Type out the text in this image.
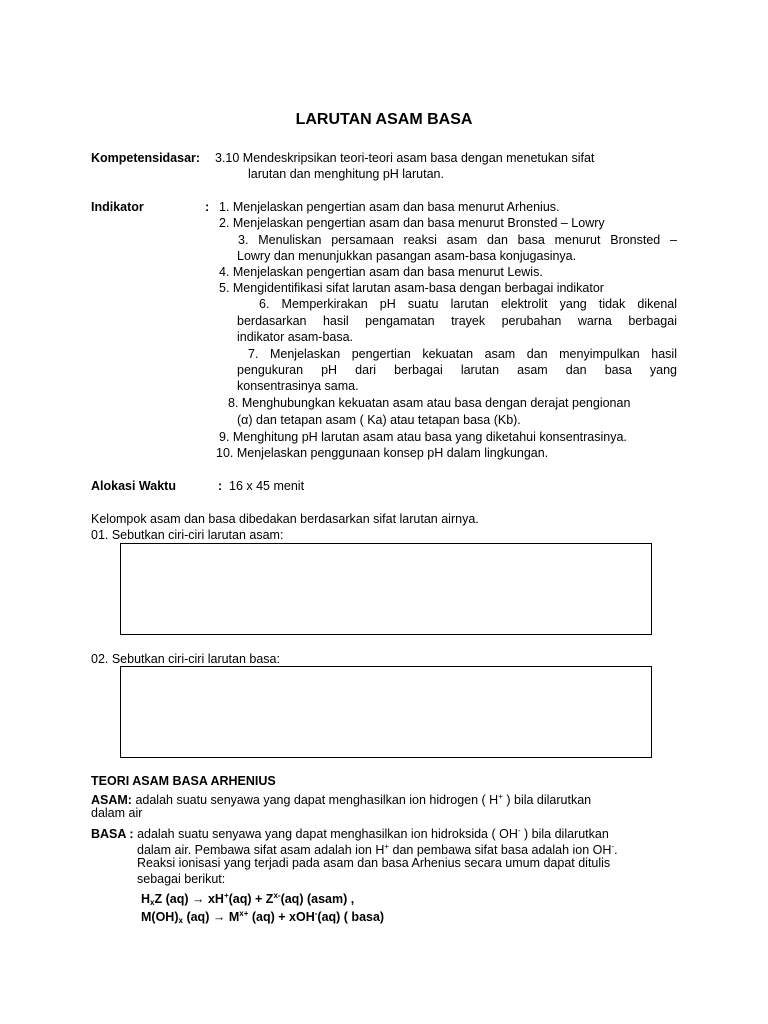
LARUTAN ASAM BASA
Kompetensidasar: 3.10 Mendeskripsikan teori-teori asam basa dengan menetukan sifat
larutan dan menghitung pH larutan.
Indikator	: 1. Menjelaskan pengertian asam dan basa menurut Arhenius.
2. Menjelaskan pengertian asam dan basa menurut Bronsted – Lowry
3. Menuliskan persamaan reaksi asam dan basa menurut Bronsted –
Lowry dan menunjukkan pasangan asam-basa konjugasinya.
4. Menjelaskan pengertian asam dan basa menurut Lewis.
5. Mengidentifikasi sifat larutan asam-basa dengan berbagai indikator
6. Memperkirakan pH suatu larutan elektrolit yang tidak dikenal
berdasarkan hasil pengamatan trayek perubahan warna berbagai
indikator asam-basa.
7. Menjelaskan pengertian kekuatan asam dan menyimpulkan hasil
pengukuran pH dari berbagai larutan asam dan basa yang
konsentrasinya sama.
8. Menghubungkan kekuatan asam atau basa dengan derajat pengionan
(α) dan tetapan asam ( Ka) atau tetapan basa (Kb).
9. Menghitung pH larutan asam atau basa yang diketahui konsentrasinya.
10. Menjelaskan penggunaan konsep pH dalam lingkungan.
Alokasi Waktu	: 16 x 45 menit
Kelompok asam dan basa dibedakan berdasarkan sifat larutan airnya.
01. Sebutkan ciri-ciri larutan asam:
02. Sebutkan ciri-ciri larutan basa:
TEORI ASAM BASA ARHENIUS
ASAM: adalah suatu senyawa yang dapat menghasilkan ion hidrogen ( H+ ) bila dilarutkan
dalam air
BASA : adalah suatu senyawa yang dapat menghasilkan ion hidroksida ( OH- ) bila dilarutkan
dalam air. Pembawa sifat asam adalah ion H+ dan pembawa sifat basa adalah ion OH-.
Reaksi ionisasi yang terjadi pada asam dan basa Arhenius secara umum dapat ditulis
sebagai berikut:
$H_xZ$ $(aq) \to xH^+(aq) + Z^{x-}(aq)$ (asam) ,
$M(OH)_x$ $(aq) \to M^{x+}$ (aq) + xOH-(aq) ( basa)
